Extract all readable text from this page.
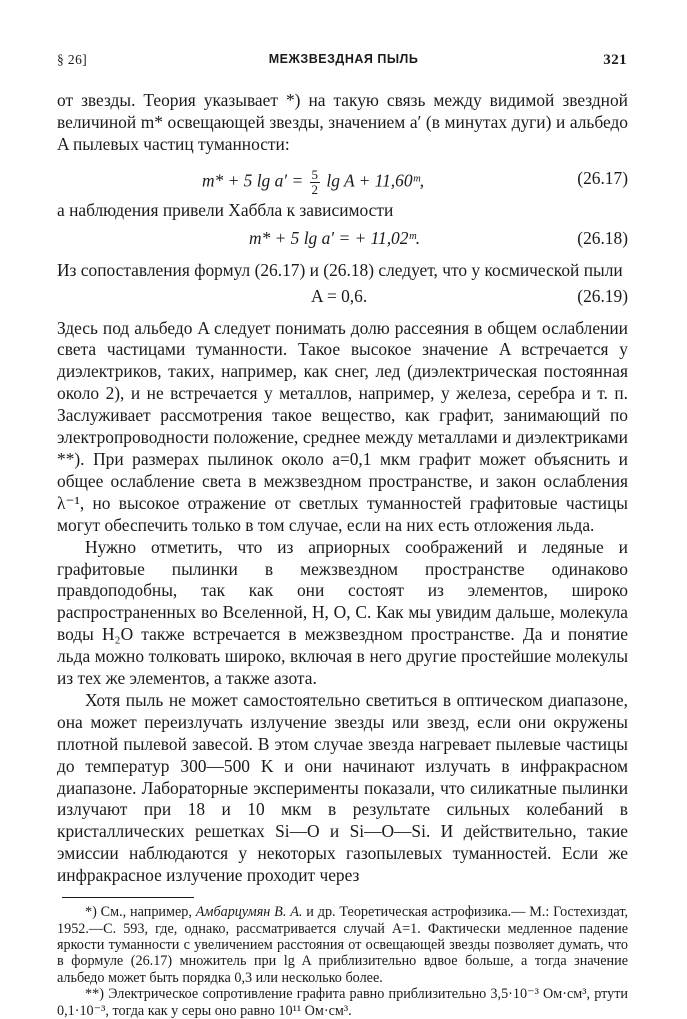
§ 26]	МЕЖЗВЕЗДНАЯ ПЫЛЬ	321

от звезды. Теория указывает *) на такую связь между видимой звездной величиной m* освещающей звезды, значением a′ (в минутах дуги) и альбедо A пылевых частиц туманности:

m* + 5 $\lg a' = \frac{5}{2}$ lg A + 11,60ᵐ,	(26.17)

а наблюдения привели Хаббла к зависимости

m* + 5 lg a′ = + 11,02ᵐ.	(26.18)

Из сопоставления формул (26.17) и (26.18) следует, что у космической пыли

A = 0,6.	(26.19)

Здесь под альбедо A следует понимать долю рассеяния в общем ослаблении света частицами туманности. Такое высокое значение A встречается у диэлектриков, таких, например, как снег, лед (диэлектрическая постоянная около 2), и не встречается у металлов, например, у железа, серебра и т. п. Заслуживает рассмотрения такое вещество, как графит, занимающий по электропроводности положение, среднее между металлами и диэлектриками **). При размерах пылинок около a=0,1 мкм графит может объяснить и общее ослабление света в межзвездном пространстве, и закон ослабления λ⁻¹, но высокое отражение от светлых туманностей графитовые частицы могут обеспечить только в том случае, если на них есть отложения льда.

Нужно отметить, что из априорных соображений и ледяные и графитовые пылинки в межзвездном пространстве одинаково правдоподобны, так как они состоят из элементов, широко распространенных во Вселенной, H, O, C. Как мы увидим дальше, молекула воды H₂O также встречается в межзвездном пространстве. Да и понятие льда можно толковать широко, включая в него другие простейшие молекулы из тех же элементов, а также азота.

Хотя пыль не может самостоятельно светиться в оптическом диапазоне, она может переизлучать излучение звезды или звезд, если они окружены плотной пылевой завесой. В этом случае звезда нагревает пылевые частицы до температур 300—500 K и они начинают излучать в инфракрасном диапазоне. Лабораторные эксперименты показали, что силикатные пылинки излучают при 18 и 10 мкм в результате сильных колебаний в кристаллических решетках Si—O и Si—O—Si. И действительно, такие эмиссии наблюдаются у некоторых газопылевых туманностей. Если же инфракрасное излучение проходит через

*) См., например, Амбарцумян В. А. и др. Теоретическая астрофизика.— М.: Гостехиздат, 1952.—С. 593, где, однако, рассматривается случай A=1. Фактически медленное падение яркости туманности с увеличением расстояния от освещающей звезды позволяет думать, что в формуле (26.17) множитель при lg A приблизительно вдвое больше, а тогда значение альбедо может быть порядка 0,3 или несколько более.

**) Электрическое сопротивление графита равно приблизительно 3,5·10⁻³ Ом·см³, ртути 0,1·10⁻³, тогда как у серы оно равно 10¹¹ Ом·см³.
